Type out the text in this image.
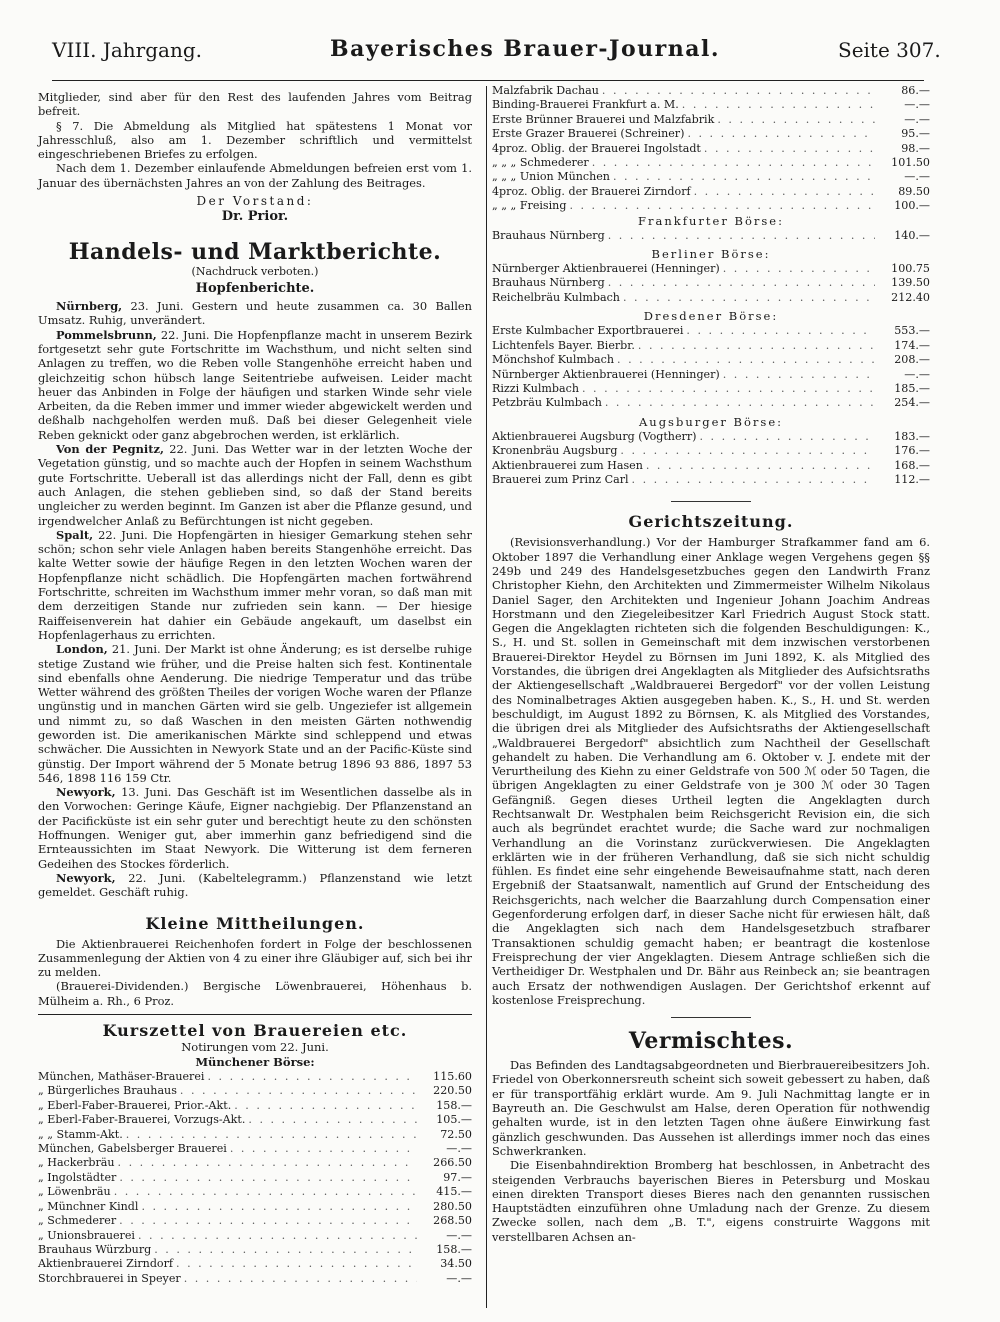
VIII. Jahrgang.	Bayerisches Brauer-Journal.	Seite 307.

Mitglieder, sind aber für den Rest des laufenden Jahres vom Beitrag befreit.

§ 7. Die Abmeldung als Mitglied hat spätestens 1 Monat vor Jahresschluß, also am 1. Dezember schriftlich und vermittelst eingeschriebenen Briefes zu erfolgen.

Nach dem 1. Dezember einlaufende Abmeldungen befreien erst vom 1. Januar des übernächsten Jahres an von der Zahlung des Beitrages.

Der Vorstand:
Dr. Prior.
Handels- und Marktberichte.
(Nachdruck verboten.)
Hopfenberichte.

Nürnberg, 23. Juni. Gestern und heute zusammen ca. 30 Ballen Umsatz. Ruhig, unverändert.

Pommelsbrunn, 22. Juni. Die Hopfenpflanze macht in unserem Bezirk fortgesetzt sehr gute Fortschritte im Wachsthum, und nicht selten sind Anlagen zu treffen, wo die Reben volle Stangenhöhe erreicht haben und gleichzeitig schon hübsch lange Seitentriebe aufweisen. Leider macht heuer das Anbinden in Folge der häufigen und starken Winde sehr viele Arbeiten, da die Reben immer und immer wieder abgewickelt werden und deßhalb nachgeholfen werden muß. Daß bei dieser Gelegenheit viele Reben geknickt oder ganz abgebrochen werden, ist erklärlich.

Von der Pegnitz, 22. Juni. Das Wetter war in der letzten Woche der Vegetation günstig, und so machte auch der Hopfen in seinem Wachsthum gute Fortschritte. Ueberall ist das allerdings nicht der Fall, denn es gibt auch Anlagen, die stehen geblieben sind, so daß der Stand bereits ungleicher zu werden beginnt. Im Ganzen ist aber die Pflanze gesund, und irgendwelcher Anlaß zu Befürchtungen ist nicht gegeben.

Spalt, 22. Juni. Die Hopfengärten in hiesiger Gemarkung stehen sehr schön; schon sehr viele Anlagen haben bereits Stangenhöhe erreicht. Das kalte Wetter sowie der häufige Regen in den letzten Wochen waren der Hopfenpflanze nicht schädlich. Die Hopfengärten machen fortwährend Fortschritte, schreiten im Wachsthum immer mehr voran, so daß man mit dem derzeitigen Stande nur zufrieden sein kann. — Der hiesige Raiffeisenverein hat dahier ein Gebäude angekauft, um daselbst ein Hopfenlagerhaus zu errichten.

London, 21. Juni. Der Markt ist ohne Änderung; es ist derselbe ruhige stetige Zustand wie früher, und die Preise halten sich fest. Kontinentale sind ebenfalls ohne Aenderung. Die niedrige Temperatur und das trübe Wetter während des größten Theiles der vorigen Woche waren der Pflanze ungünstig und in manchen Gärten wird sie gelb. Ungeziefer ist allgemein und nimmt zu, so daß Waschen in den meisten Gärten nothwendig geworden ist. Die amerikanischen Märkte sind schleppend und etwas schwächer. Die Aussichten in Newyork State und an der Pacific-Küste sind günstig. Der Import während der 5 Monate betrug 1896 93 886, 1897 53 546, 1898 116 159 Ctr.

Newyork, 13. Juni. Das Geschäft ist im Wesentlichen dasselbe als in den Vorwochen: Geringe Käufe, Eigner nachgiebig. Der Pflanzenstand an der Pacificküste ist ein sehr guter und berechtigt heute zu den schönsten Hoffnungen. Weniger gut, aber immerhin ganz befriedigend sind die Ernteaussichten im Staat Newyork. Die Witterung ist dem ferneren Gedeihen des Stockes förderlich.

Newyork, 22. Juni. (Kabeltelegramm.) Pflanzenstand wie letzt gemeldet. Geschäft ruhig.

Kleine Mittheilungen.

Die Aktienbrauerei Reichenhofen fordert in Folge der beschlossenen Zusammenlegung der Aktien von 4 zu einer ihre Gläubiger auf, sich bei ihr zu melden.

(Brauerei-Dividenden.) Bergische Löwenbrauerei, Höhenhaus b. Mülheim a. Rh., 6 Proz.

Kurszettel von Brauereien etc.
Notirungen vom 22. Juni.
Münchener Börse:
München, Mathäser-Brauerei . . .	115.60
„ Bürgerliches Brauhaus . . .	220.50
„ Eberl-Faber-Brauerei, Prior.-Akt. . . .	158.—
„ Eberl-Faber-Brauerei, Vorzugs-Akt. . . .	105.—
„ „ Stamm-Akt. . . .	72.50
München, Gabelsberger Brauerei . . .	—.—
„ Hackerbräu . . .	266.50
„ Ingolstädter . . .	97.—
„ Löwenbräu . . .	415.—
„ Münchner Kindl . . .	280.50
„ Schmederer . . .	268.50
„ Unionsbrauerei . . .	—.—
Brauhaus Würzburg . . .	158.—
Aktienbrauerei Zirndorf . . .	34.50
Storchbrauerei in Speyer . . .	—.—
Malzfabrik Dachau . . .	86.—
Binding-Brauerei Frankfurt a. M. . . .	—.—
Erste Brünner Brauerei und Malzfabrik . . .	—.—
Erste Grazer Brauerei (Schreiner) . . .	95.—
4proz. Oblig. der Brauerei Ingolstadt . . .	98.—
„ „ „ Schmederer . . .	101.50
„ „ „ Union München . . .	—.—
4proz. Oblig. der Brauerei Zirndorf . . .	89.50
„ „ „ Freising . . .	100.—
Frankfurter Börse:
Brauhaus Nürnberg . . .	140.—
Berliner Börse:
Nürnberger Aktienbrauerei (Henninger) . . .	100.75
Brauhaus Nürnberg . . .	139.50
Reichelbräu Kulmbach . . .	212.40
Dresdener Börse:
Erste Kulmbacher Exportbrauerei . . .	553.—
Lichtenfels Bayer. Bierbr. . . .	174.—
Mönchshof Kulmbach . . .	208.—
Nürnberger Aktienbrauerei (Henninger) . . .	—.—
Rizzi Kulmbach . . .	185.—
Petzbräu Kulmbach . . .	254.—
Augsburger Börse:
Aktienbrauerei Augsburg (Vogtherr) . . .	183.—
Kronenbräu Augsburg . . .	176.—
Aktienbrauerei zum Hasen . . .	168.—
Brauerei zum Prinz Carl . . .	112.—
Gerichtszeitung.

(Revisionsverhandlung.) Vor der Hamburger Strafkammer fand am 6. Oktober 1897 die Verhandlung einer Anklage wegen Vergehens gegen §§ 249b und 249 des Handelsgesetzbuches gegen den Landwirth Franz Christopher Kiehn, den Architekten und Zimmermeister Wilhelm Nikolaus Daniel Sager, den Architekten und Ingenieur Johann Joachim Andreas Horstmann und den Ziegeleibesitzer Karl Friedrich August Stock statt. Gegen die Angeklagten richteten sich die folgenden Beschuldigungen: K., S., H. und St. sollen in Gemeinschaft mit dem inzwischen verstorbenen Brauerei-Direktor Heydel zu Börnsen im Juni 1892, K. als Mitglied des Vorstandes, die übrigen drei Angeklagten als Mitglieder des Aufsichtsraths der Aktiengesellschaft „Waldbrauerei Bergedorf" vor der vollen Leistung des Nominalbetrages Aktien ausgegeben haben. K., S., H. und St. werden beschuldigt, im August 1892 zu Börnsen, K. als Mitglied des Vorstandes, die übrigen drei als Mitglieder des Aufsichtsraths der Aktiengesellschaft „Waldbrauerei Bergedorf" absichtlich zum Nachtheil der Gesellschaft gehandelt zu haben. Die Verhandlung am 6. Oktober v. J. endete mit der Verurtheilung des Kiehn zu einer Geldstrafe von 500 ℳ oder 50 Tagen, die übrigen Angeklagten zu einer Geldstrafe von je 300 ℳ oder 30 Tagen Gefängniß. Gegen dieses Urtheil legten die Angeklagten durch Rechtsanwalt Dr. Westphalen beim Reichsgericht Revision ein, die sich auch als begründet erachtet wurde; die Sache ward zur nochmaligen Verhandlung an die Vorinstanz zurückverwiesen. Die Angeklagten erklärten wie in der früheren Verhandlung, daß sie sich nicht schuldig fühlen. Es findet eine sehr eingehende Beweisaufnahme statt, nach deren Ergebniß der Staatsanwalt, namentlich auf Grund der Entscheidung des Reichsgerichts, nach welcher die Baarzahlung durch Compensation einer Gegenforderung erfolgen darf, in dieser Sache nicht für erwiesen hält, daß die Angeklagten sich nach dem Handelsgesetzbuch strafbarer Transaktionen schuldig gemacht haben; er beantragt die kostenlose Freisprechung der vier Angeklagten. Diesem Antrage schließen sich die Vertheidiger Dr. Westphalen und Dr. Bähr aus Reinbeck an; sie beantragen auch Ersatz der nothwendigen Auslagen. Der Gerichtshof erkennt auf kostenlose Freisprechung.

Vermischtes.

Das Befinden des Landtagsabgeordneten und Bierbrauereibesitzers Joh. Friedel von Oberkonnersreuth scheint sich soweit gebessert zu haben, daß er für transportfähig erklärt wurde. Am 9. Juli Nachmittag langte er in Bayreuth an. Die Geschwulst am Halse, deren Operation für nothwendig gehalten wurde, ist in den letzten Tagen ohne äußere Einwirkung fast gänzlich geschwunden. Das Aussehen ist allerdings immer noch das eines Schwerkranken.

Die Eisenbahndirektion Bromberg hat beschlossen, in Anbetracht des steigenden Verbrauchs bayerischen Bieres in Petersburg und Moskau einen direkten Transport dieses Bieres nach den genannten russischen Hauptstädten einzuführen ohne Umladung nach der Grenze. Zu diesem Zwecke sollen, nach dem „B. T.", eigens construirte Waggons mit verstellbaren Achsen an-
